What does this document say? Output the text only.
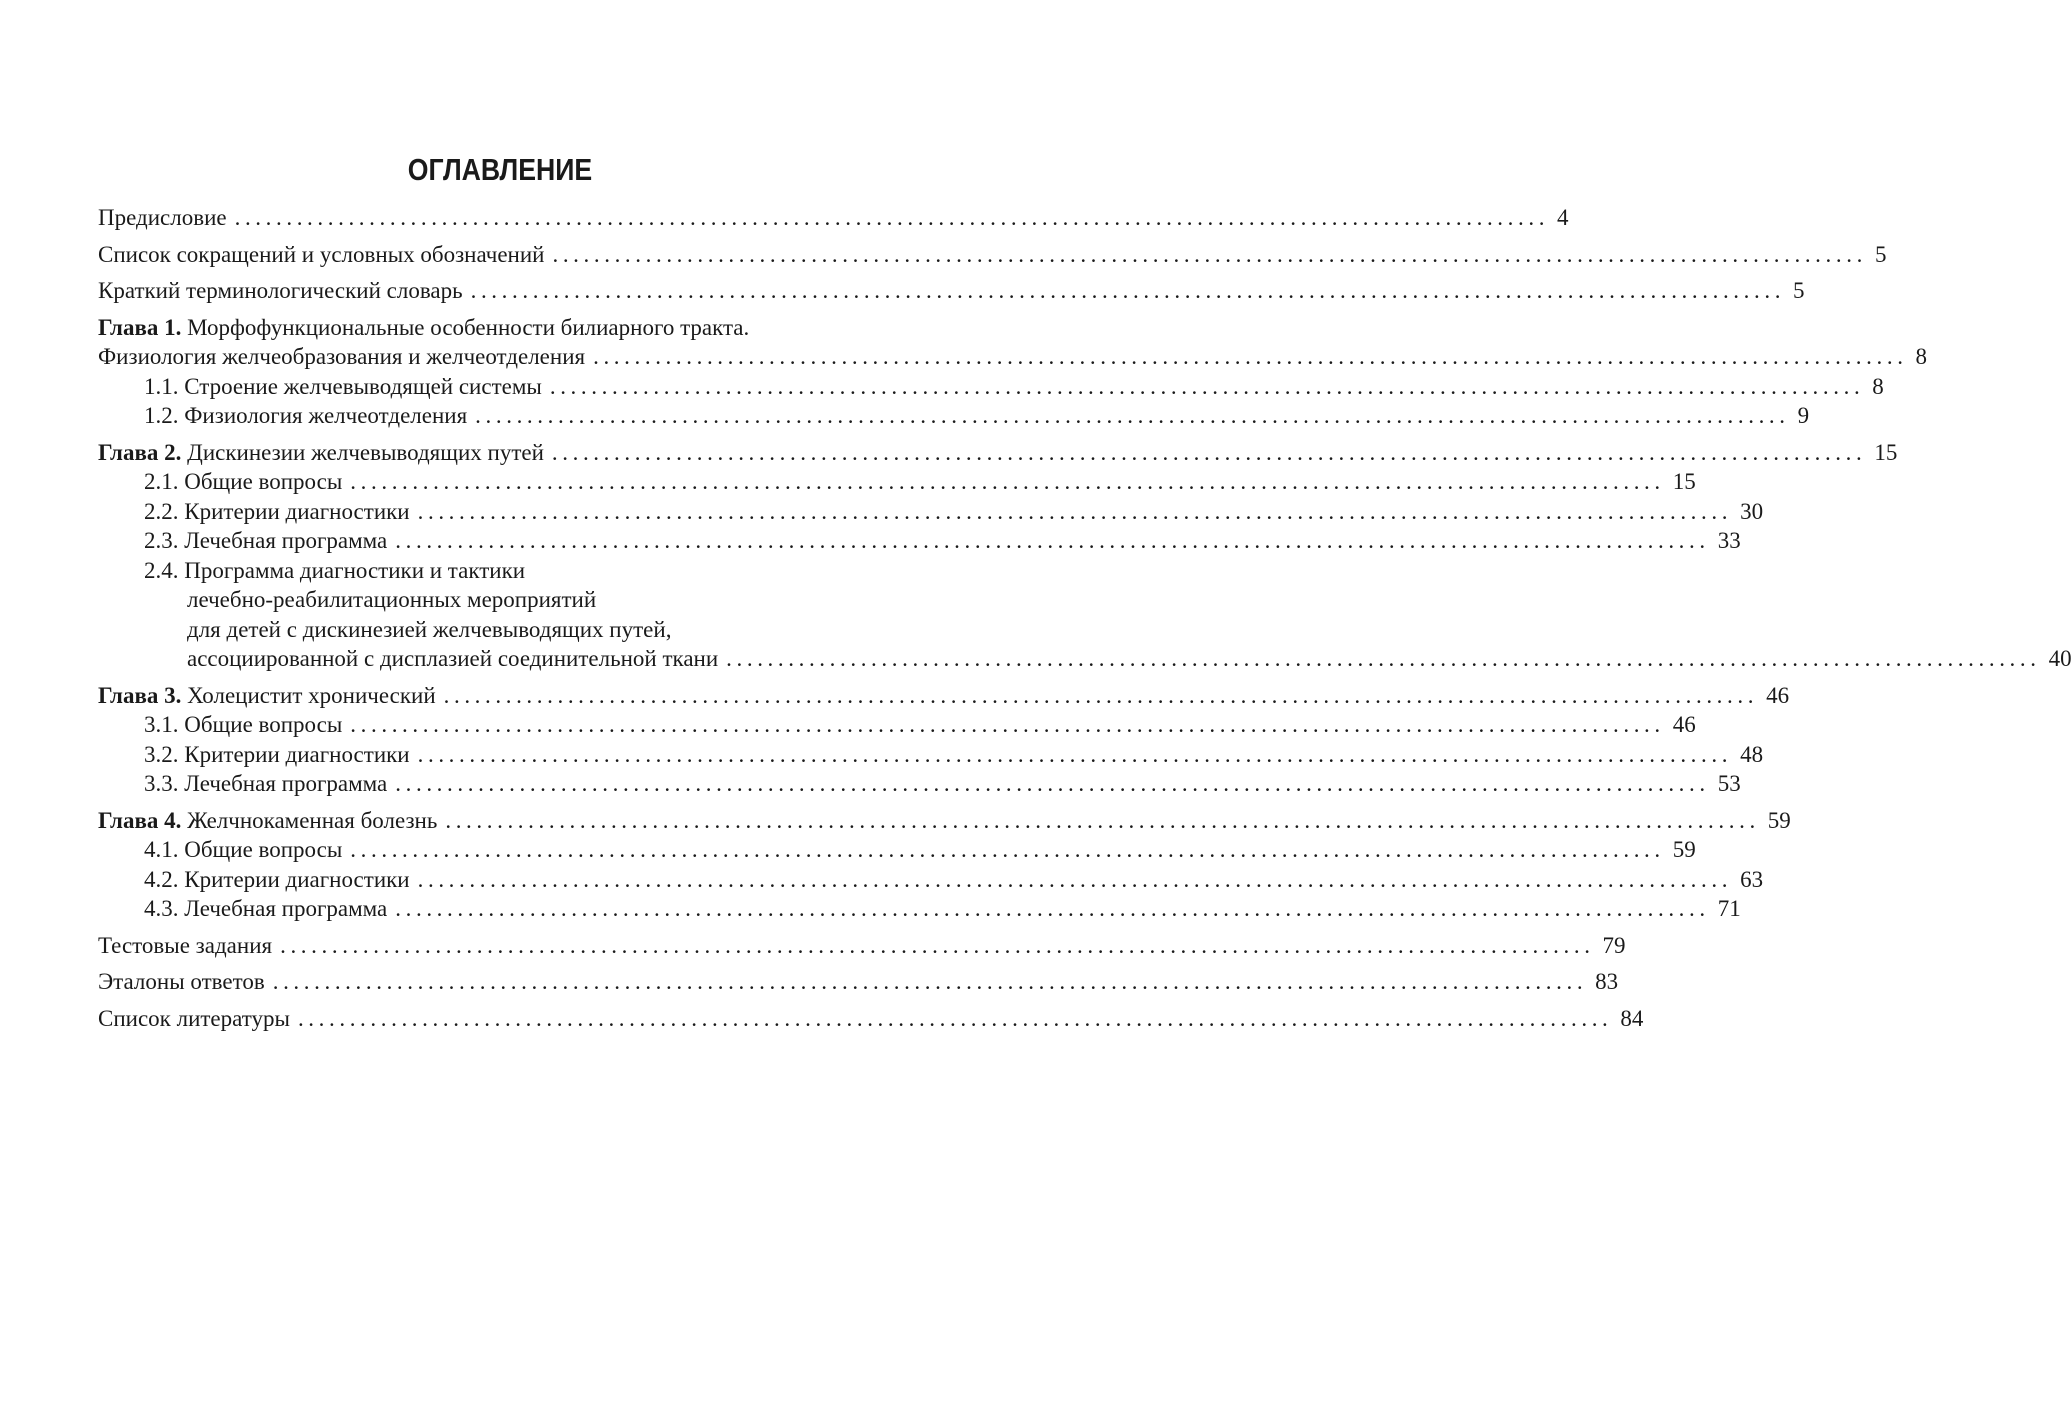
ОГЛАВЛЕНИЕ
Предисловие ............................................................................................................................... 4
Список сокращений и условных обозначений ............................................................................................................................... 5
Краткий терминологический словарь ............................................................................................................................... 5
Глава 1. Морфофункциональные особенности билиарного тракта.
Физиология желчеобразования и желчеотделения ............................................................................................................................... 8
1.1. Строение желчевыводящей системы ............................................................................................................................... 8
1.2. Физиология желчеотделения ............................................................................................................................... 9
Глава 2. Дискинезии желчевыводящих путей ............................................................................................................................... 15
2.1. Общие вопросы ............................................................................................................................... 15
2.2. Критерии диагностики ............................................................................................................................... 30
2.3. Лечебная программа ............................................................................................................................... 33
2.4. Программа диагностики и тактики
лечебно-реабилитационных мероприятий
для детей с дискинезией желчевыводящих путей,
ассоциированной с дисплазией соединительной ткани ............................................................................................................................... 40
Глава 3. Холецистит хронический ............................................................................................................................... 46
3.1. Общие вопросы ............................................................................................................................... 46
3.2. Критерии диагностики ............................................................................................................................... 48
3.3. Лечебная программа ............................................................................................................................... 53
Глава 4. Желчнокаменная болезнь ............................................................................................................................... 59
4.1. Общие вопросы ............................................................................................................................... 59
4.2. Критерии диагностики ............................................................................................................................... 63
4.3. Лечебная программа ............................................................................................................................... 71
Тестовые задания ............................................................................................................................... 79
Эталоны ответов ............................................................................................................................... 83
Список литературы ............................................................................................................................... 84
